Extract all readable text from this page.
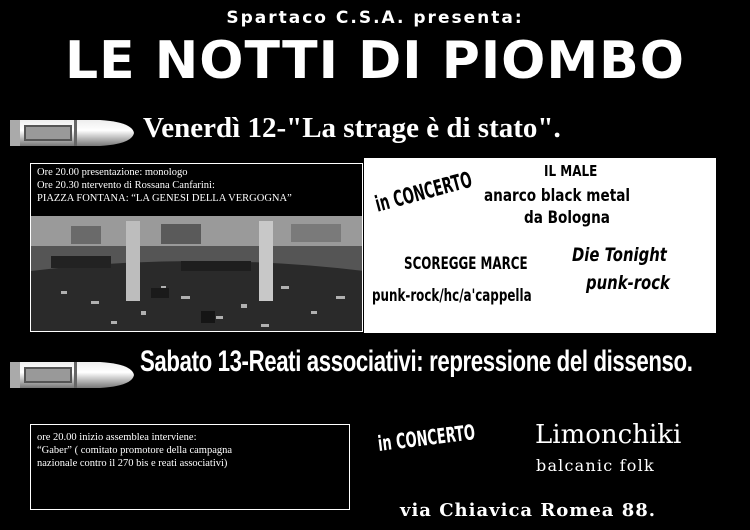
Spartaco C.S.A. presenta:
LE NOTTI DI PIOMBO
Venerdì 12-"La strage è di stato".
Ore 20.00 presentazione: monologo
Ore 20.30 ntervento di Rossana Canfarini:
PIAZZA FONTANA: “LA GENESI DELLA VERGOGNA”	in CONCERTO	IL MALE
anarco black metal
da Bologna
SCOREGGE MARCE
punk-rock/hc/a'cappella
Die Tonight
punk-rock
Sabato 13-Reati associativi: repressione del dissenso.
ore 20.00 inizio assemblea interviene:
“Gaber” ( comitato promotore della campagna
nazionale contro il 270 bis e reati associativi)
in CONCERTO Limonchiki
balcanic folk
via Chiavica Romea 88.
